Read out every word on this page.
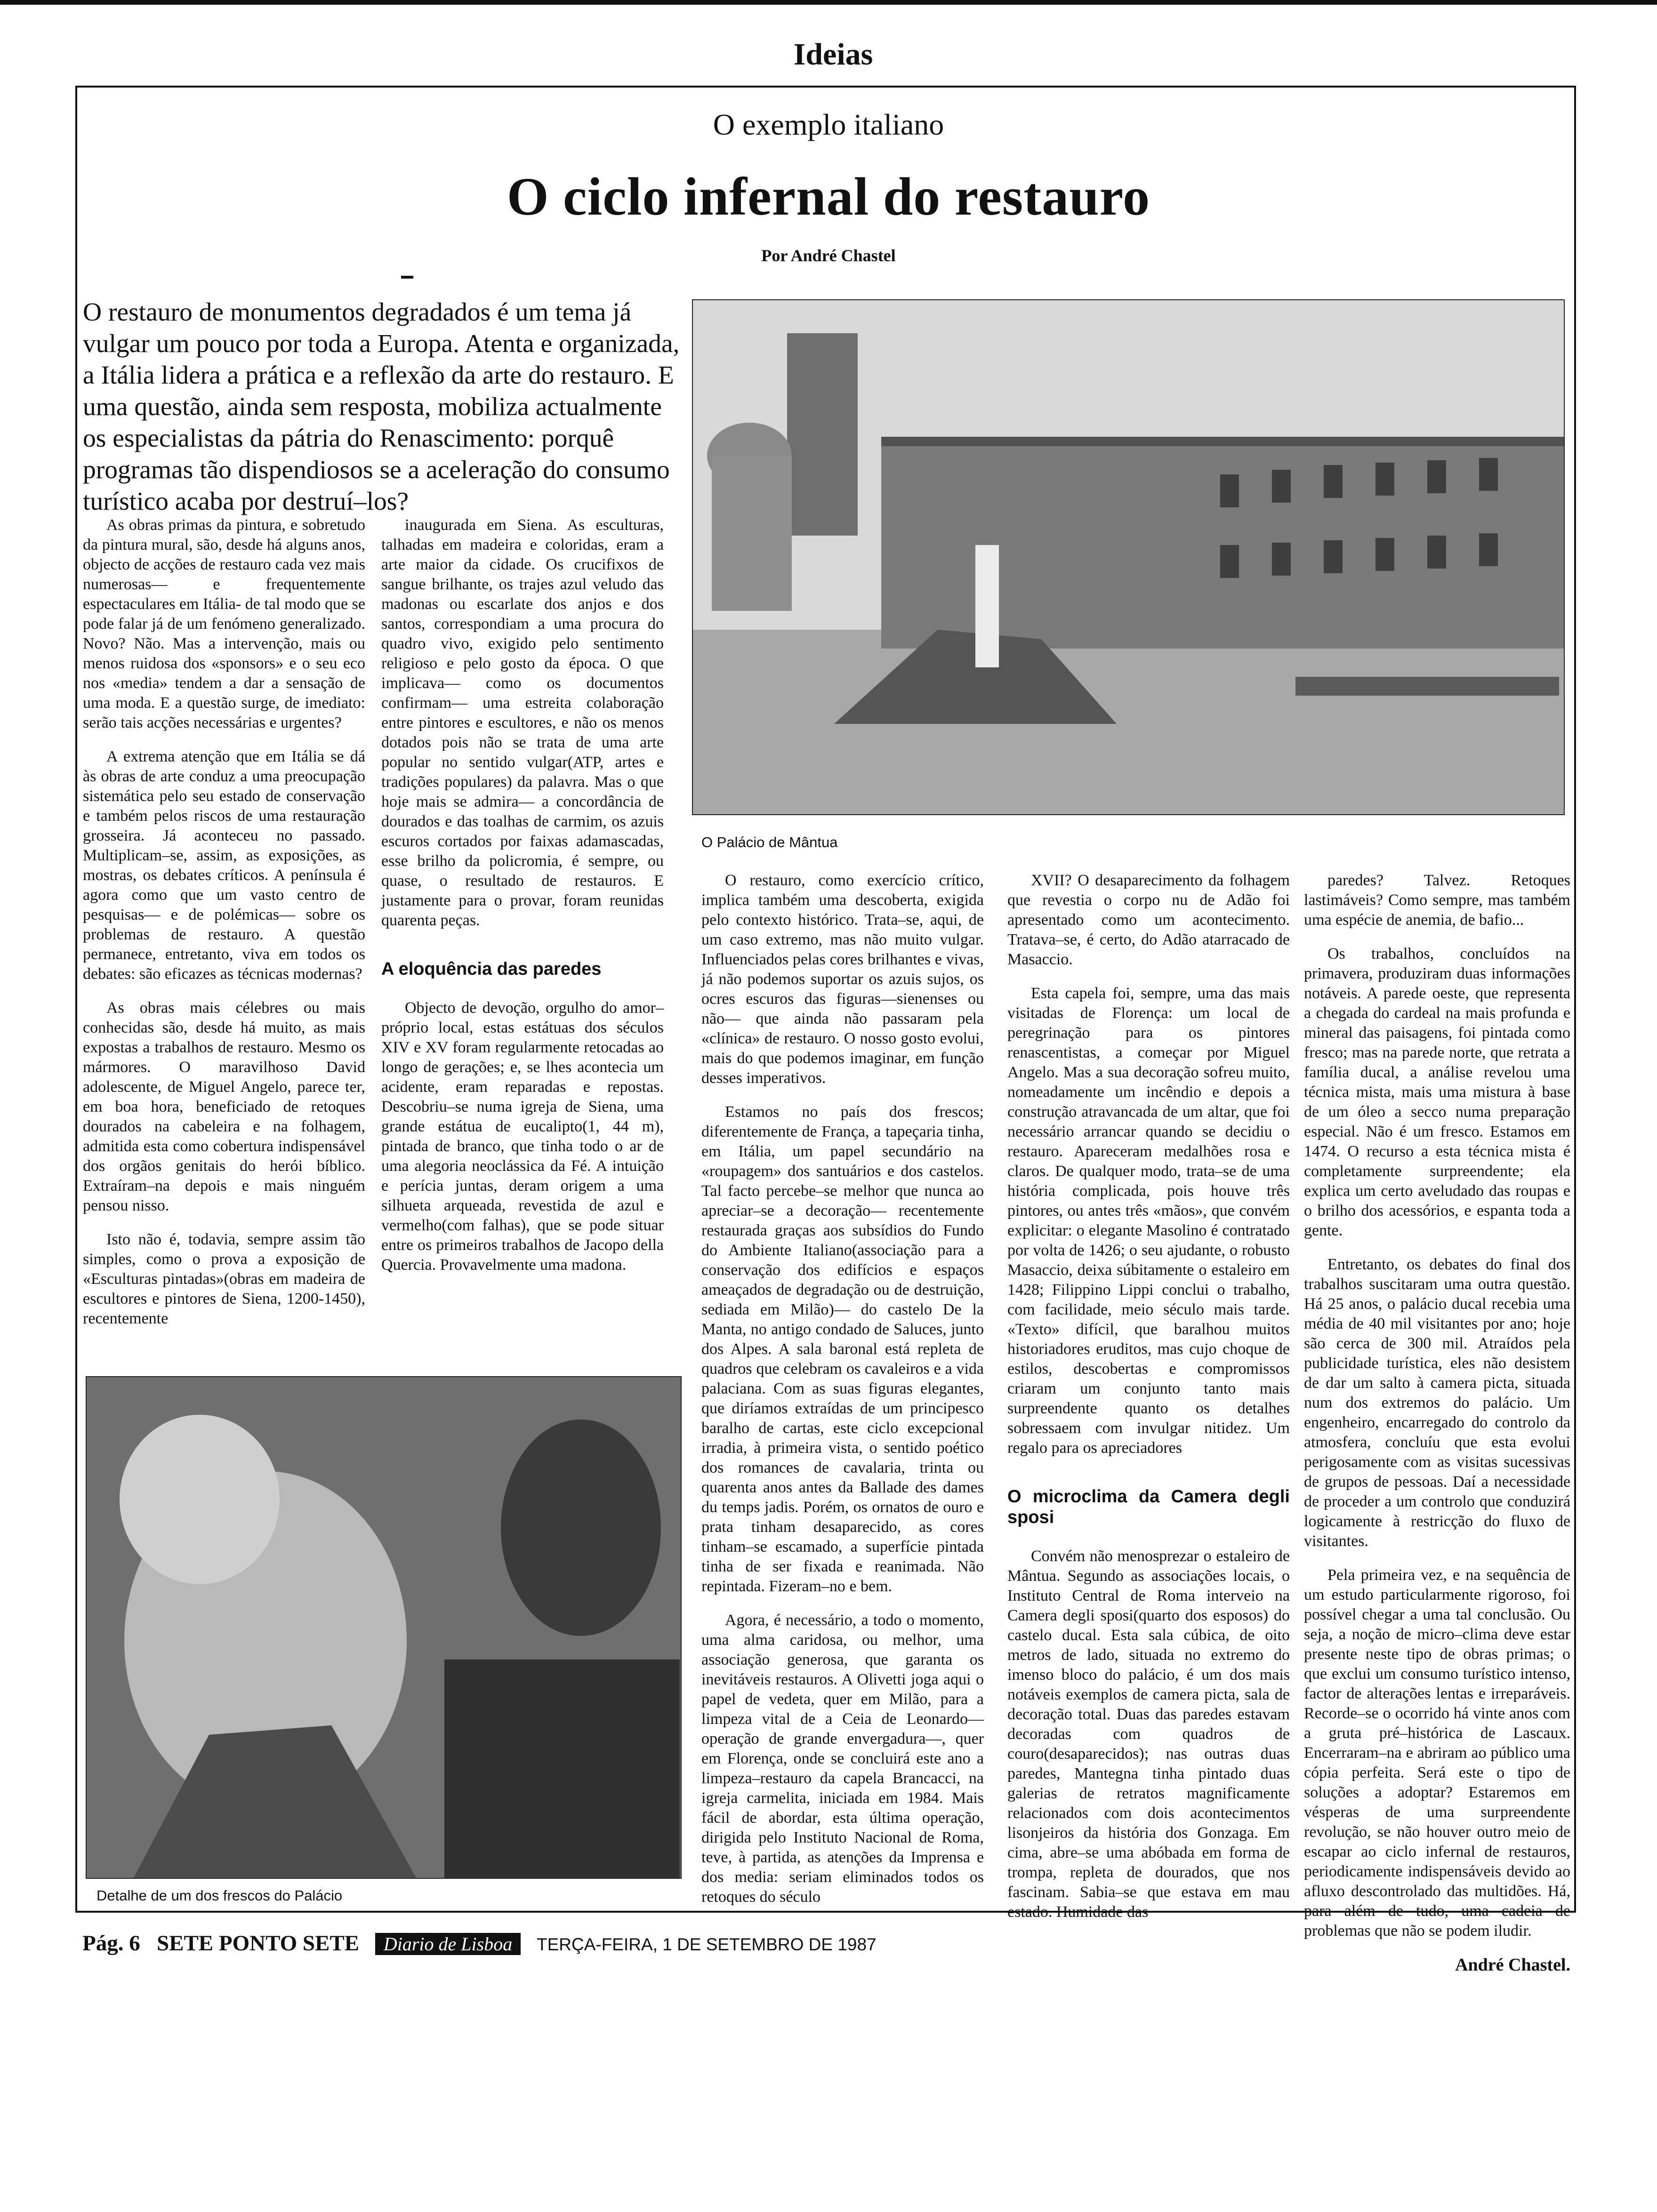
Ideias
O exemplo italiano
O ciclo infernal do restauro
Por André Chastel
O restauro de monumentos degradados é um tema já vulgar um pouco por toda a Europa. Atenta e organizada, a Itália lidera a prática e a reflexão da arte do restauro. E uma questão, ainda sem resposta, mobiliza actualmente os especialistas da pátria do Renascimento: porquê programas tão dispendiosos se a aceleração do consumo turístico acaba por destruí–los?

As obras primas da pintura, e sobretudo da pintura mural, são, desde há alguns anos, objecto de acções de restauro cada vez mais numerosas— e frequentemente espectaculares em Itália- de tal modo que se pode falar já de um fenómeno generalizado. Novo? Não. Mas a intervenção, mais ou menos ruidosa dos «sponsors» e o seu eco nos «media» tendem a dar a sensação de uma moda. E a questão surge, de imediato: serão tais acções necessárias e urgentes?

A extrema atenção que em Itália se dá às obras de arte conduz a uma preocupação sistemática pelo seu estado de conservação e também pelos riscos de uma restauração grosseira. Já aconteceu no passado. Multiplicam–se, assim, as exposições, as mostras, os debates críticos. A península é agora como que um vasto centro de pesquisas— e de polémicas— sobre os problemas de restauro. A questão permanece, entretanto, viva em todos os debates: são eficazes as técnicas modernas?

As obras mais célebres ou mais conhecidas são, desde há muito, as mais expostas a trabalhos de restauro. Mesmo os mármores. O maravilhoso David adolescente, de Miguel Angelo, parece ter, em boa hora, beneficiado de retoques dourados na cabeleira e na folhagem, admitida esta como cobertura indispensável dos orgãos genitais do herói bíblico. Extraíram–na depois e mais ninguém pensou nisso.

Isto não é, todavia, sempre assim tão simples, como o prova a exposição de «Esculturas pintadas»(obras em madeira de escultores e pintores de Siena, 1200-1450), recentemente

inaugurada em Siena. As esculturas, talhadas em madeira e coloridas, eram a arte maior da cidade. Os crucifixos de sangue brilhante, os trajes azul veludo das madonas ou escarlate dos anjos e dos santos, correspondiam a uma procura do quadro vivo, exigido pelo sentimento religioso e pelo gosto da época. O que implicava— como os documentos confirmam— uma estreita colaboração entre pintores e escultores, e não os menos dotados pois não se trata de uma arte popular no sentido vulgar(ATP, artes e tradições populares) da palavra. Mas o que hoje mais se admira— a concordância de dourados e das toalhas de carmim, os azuis escuros cortados por faixas adamascadas, esse brilho da policromia, é sempre, ou quase, o resultado de restauros. E justamente para o provar, foram reunidas quarenta peças.

A eloquência das paredes

Objecto de devoção, orgulho do amor–próprio local, estas estátuas dos séculos XIV e XV foram regularmente retocadas ao longo de gerações; e, se lhes acontecia um acidente, eram reparadas e repostas. Descobriu–se numa igreja de Siena, uma grande estátua de eucalipto(1, 44 m), pintada de branco, que tinha todo o ar de uma alegoria neoclássica da Fé. A intuição e perícia juntas, deram origem a uma silhueta arqueada, revestida de azul e vermelho(com falhas), que se pode situar entre os primeiros trabalhos de Jacopo della Quercia. Provavelmente uma madona.

O Palácio de Mântua

O restauro, como exercício crítico, implica também uma descoberta, exigida pelo contexto histórico. Trata–se, aqui, de um caso extremo, mas não muito vulgar. Influenciados pelas cores brilhantes e vivas, já não podemos suportar os azuis sujos, os ocres escuros das figuras—sienenses ou não— que ainda não passaram pela «clínica» de restauro. O nosso gosto evolui, mais do que podemos imaginar, em função desses imperativos.

Estamos no país dos frescos; diferentemente de França, a tapeçaria tinha, em Itália, um papel secundário na «roupagem» dos santuários e dos castelos. Tal facto percebe–se melhor que nunca ao apreciar–se a decoração— recentemente restaurada graças aos subsídios do Fundo do Ambiente Italiano(associação para a conservação dos edifícios e espaços ameaçados de degradação ou de destruição, sediada em Milão)— do castelo De la Manta, no antigo condado de Saluces, junto dos Alpes. A sala baronal está repleta de quadros que celebram os cavaleiros e a vida palaciana. Com as suas figuras elegantes, que diríamos extraídas de um principesco baralho de cartas, este ciclo excepcional irradia, à primeira vista, o sentido poético dos romances de cavalaria, trinta ou quarenta anos antes da Ballade des dames du temps jadis. Porém, os ornatos de ouro e prata tinham desaparecido, as cores tinham–se escamado, a superfície pintada tinha de ser fixada e reanimada. Não repintada. Fizeram–no e bem.

Agora, é necessário, a todo o momento, uma alma caridosa, ou melhor, uma associação generosa, que garanta os inevitáveis restauros. A Olivetti joga aqui o papel de vedeta, quer em Milão, para a limpeza vital de a Ceia de Leonardo— operação de grande envergadura—, quer em Florença, onde se concluirá este ano a limpeza–restauro da capela Brancacci, na igreja carmelita, iniciada em 1984. Mais fácil de abordar, esta última operação, dirigida pelo Instituto Nacional de Roma, teve, à partida, as atenções da Imprensa e dos media: seriam eliminados todos os retoques do século

XVII? O desaparecimento da folhagem que revestia o corpo nu de Adão foi apresentado como um acontecimento. Tratava–se, é certo, do Adão atarracado de Masaccio.

Esta capela foi, sempre, uma das mais visitadas de Florença: um local de peregrinação para os pintores renascentistas, a começar por Miguel Angelo. Mas a sua decoração sofreu muito, nomeadamente um incêndio e depois a construção atravancada de um altar, que foi necessário arrancar quando se decidiu o restauro. Apareceram medalhões rosa e claros. De qualquer modo, trata–se de uma história complicada, pois houve três pintores, ou antes três «mãos», que convém explicitar: o elegante Masolino é contratado por volta de 1426; o seu ajudante, o robusto Masaccio, deixa súbitamente o estaleiro em 1428; Filippino Lippi conclui o trabalho, com facilidade, meio século mais tarde. «Texto» difícil, que baralhou muitos historiadores eruditos, mas cujo choque de estilos, descobertas e compromissos criaram um conjunto tanto mais surpreendente quanto os detalhes sobressaem com invulgar nitidez. Um regalo para os apreciadores

O microclima da Camera degli sposi

Convém não menosprezar o estaleiro de Mântua. Segundo as associações locais, o Instituto Central de Roma interveio na Camera degli sposi(quarto dos esposos) do castelo ducal. Esta sala cúbica, de oito metros de lado, situada no extremo do imenso bloco do palácio, é um dos mais notáveis exemplos de camera picta, sala de decoração total. Duas das paredes estavam decoradas com quadros de couro(desaparecidos); nas outras duas paredes, Mantegna tinha pintado duas galerias de retratos magnificamente relacionados com dois acontecimentos lisonjeiros da história dos Gonzaga. Em cima, abre–se uma abóbada em forma de trompa, repleta de dourados, que nos fascinam. Sabia–se que estava em mau estado. Humidade das

paredes? Talvez. Retoques lastimáveis? Como sempre, mas também uma espécie de anemia, de bafio...

Os trabalhos, concluídos na primavera, produziram duas informações notáveis. A parede oeste, que representa a chegada do cardeal na mais profunda e mineral das paisagens, foi pintada como fresco; mas na parede norte, que retrata a família ducal, a análise revelou uma técnica mista, mais uma mistura à base de um óleo a secco numa preparação especial. Não é um fresco. Estamos em 1474. O recurso a esta técnica mista é completamente surpreendente; ela explica um certo aveludado das roupas e o brilho dos acessórios, e espanta toda a gente.

Entretanto, os debates do final dos trabalhos suscitaram uma outra questão. Há 25 anos, o palácio ducal recebia uma média de 40 mil visitantes por ano; hoje são cerca de 300 mil. Atraídos pela publicidade turística, eles não desistem de dar um salto à camera picta, situada num dos extremos do palácio. Um engenheiro, encarregado do controlo da atmosfera, concluíu que esta evolui perigosamente com as visitas sucessivas de grupos de pessoas. Daí a necessidade de proceder a um controlo que conduzirá logicamente à restricção do fluxo de visitantes.

Pela primeira vez, e na sequência de um estudo particularmente rigoroso, foi possível chegar a uma tal conclusão. Ou seja, a noção de micro–clima deve estar presente neste tipo de obras primas; o que exclui um consumo turístico intenso, factor de alterações lentas e irreparáveis. Recorde–se o ocorrido há vinte anos com a gruta pré–histórica de Lascaux. Encerraram–na e abriram ao público uma cópia perfeita. Será este o tipo de soluções a adoptar? Estaremos em vésperas de uma surpreendente revolução, se não houver outro meio de escapar ao ciclo infernal de restauros, periodicamente indispensáveis devido ao afluxo descontrolado das multidões. Há, para além de tudo, uma cadeia de problemas que não se podem iludir.

André Chastel.
Detalhe de um dos frescos do Palácio
Pág. 6 SETE PONTO SETE Diario de Lisboa TERÇA-FEIRA, 1 DE SETEMBRO DE 1987
